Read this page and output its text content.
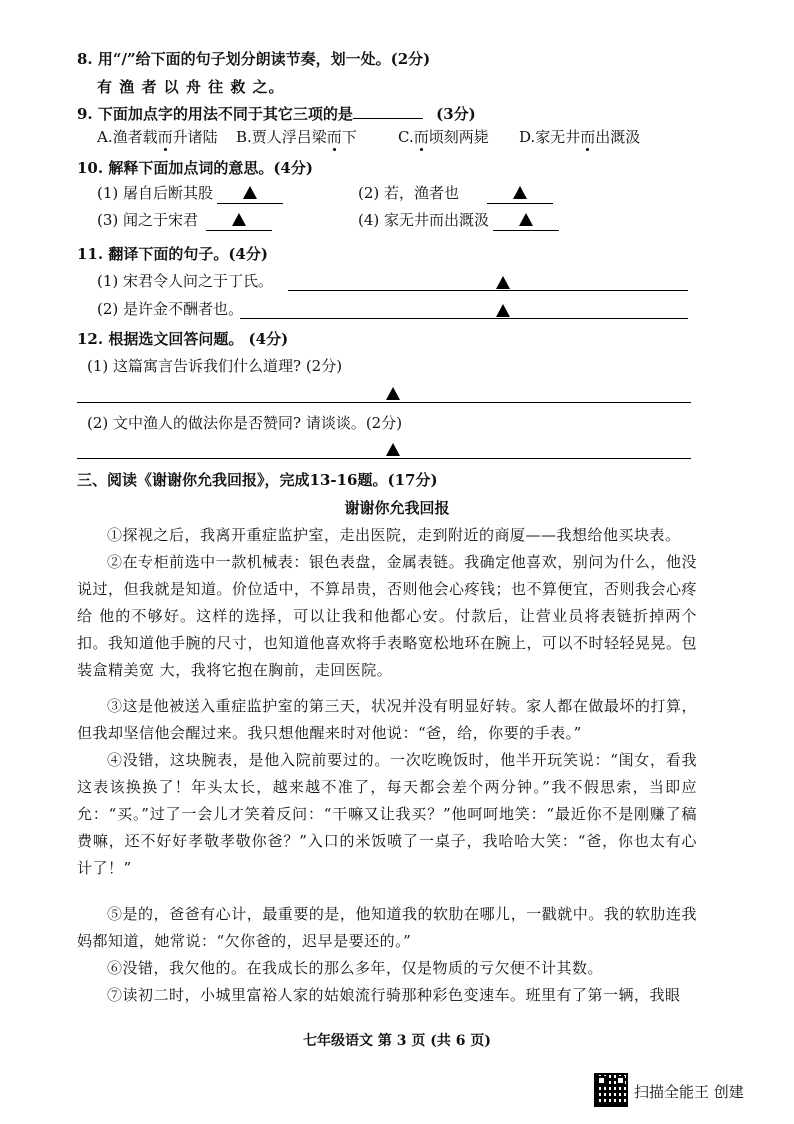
8. 用“/”给下面的句子划分朗读节奏，划一处。(2分)
有 渔 者 以 舟 往 救 之。
9. 下面加点字的用法不同于其它三项的是	(3分)
A.渔者载而升诸陆 B.贾人浮吕梁而下	C.而顷刻两毙 D.家无井而出溉汲
10. 解释下面加点词的意思。(4分)
(1) 屠自后断其股	(2) 若，渔者也
(3) 闻之于宋君	(4) 家无井而出溉汲
11. 翻译下面的句子。(4分)
(1) 宋君令人问之于丁氏。
(2) 是许金不酬者也。
12. 根据选文回答问题。 (4分)
(1) 这篇寓言告诉我们什么道理? (2分)
(2) 文中渔人的做法你是否赞同? 请谈谈。(2分)
三、阅读《谢谢你允我回报》，完成13-16题。(17分)
谢谢你允我回报
①探视之后，我离开重症监护室，走出医院，走到附近的商厦——我想给他买块表。
②在专柜前选中一款机械表：银色表盘，金属表链。我确定他喜欢，别问为什么，他没说过，但我就是知道。价位适中，不算昂贵，否则他会心疼钱；也不算便宜，否则我会心疼给 他的不够好。这样的选择，可以让我和他都心安。付款后，让营业员将表链折掉两个扣。我知道他手腕的尺寸，也知道他喜欢将手表略宽松地环在腕上，可以不时轻轻晃晃。包装盒精美宽 大，我将它抱在胸前，走回医院。
③这是他被送入重症监护室的第三天，状况并没有明显好转。家人都在做最坏的打算，但我却坚信他会醒过来。我只想他醒来时对他说：“爸，给，你要的手表。”
④没错，这块腕表，是他入院前要过的。一次吃晚饭时，他半开玩笑说：“闺女，看我这表该换换了！年头太长，越来越不准了，每天都会差个两分钟。”我不假思索，当即应允：“买。”过了一会儿才笑着反问：“干嘛又让我买？”他呵呵地笑：“最近你不是刚赚了稿费嘛，还不好好孝敬孝敬你爸？”入口的米饭喷了一桌子，我哈哈大笑：“爸，你也太有心计了！”
⑤是的，爸爸有心计，最重要的是，他知道我的软肋在哪儿，一戳就中。我的软肋连我妈都知道，她常说：“欠你爸的，迟早是要还的。”
⑥没错，我欠他的。在我成长的那么多年，仅是物质的亏欠便不计其数。
⑦读初二时，小城里富裕人家的姑娘流行骑那种彩色变速车。班里有了第一辆，我眼
七年级语文 第 3 页 (共 6 页)
扫描全能王 创建
